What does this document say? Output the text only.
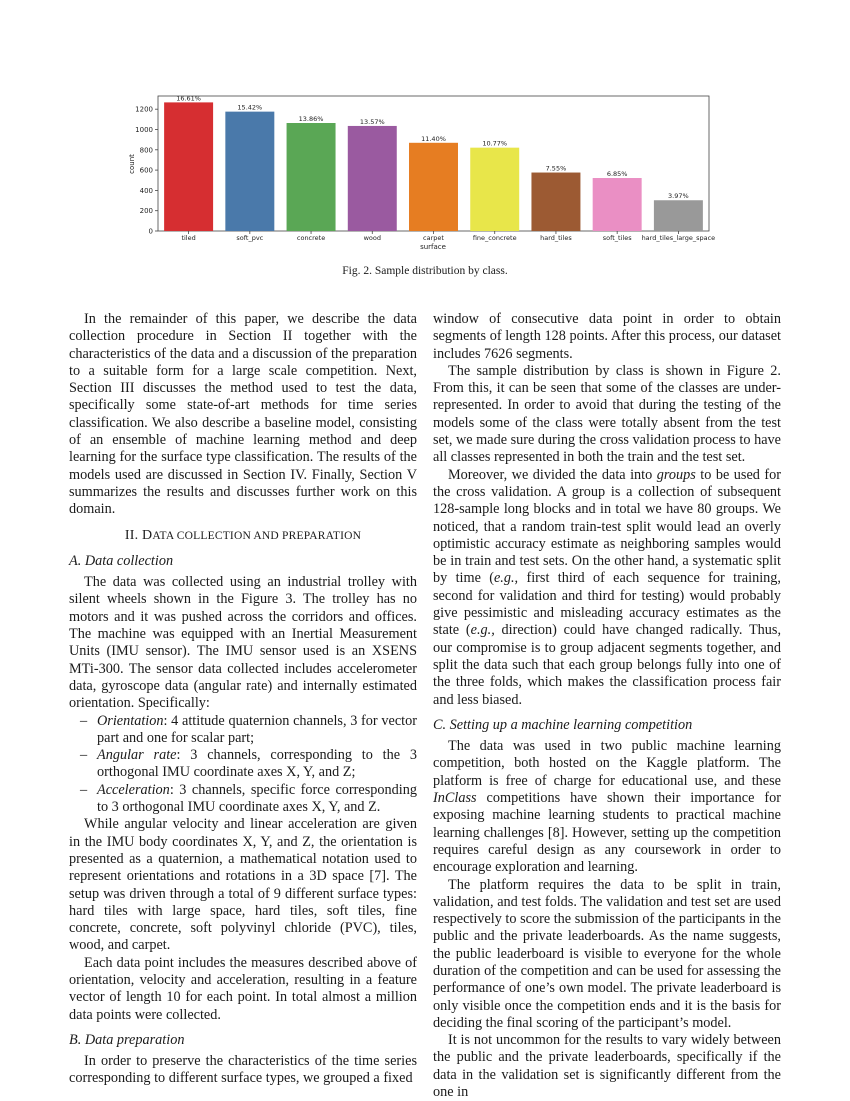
0
200
400
600
800
1000
1200
16.61%
15.42%
13.86%	13.57%
11.40%
10.77%
7.55%
6.85%
3.97%
tiled	soft_pvc	concrete	wood	carpet	fine_concrete	hard_tiles	soft_tiles hard_tiles_large_space
surface
count
Fig. 2. Sample distribution by class.

In the remainder of this paper, we describe the data collection procedure in Section II together with the characteristics of the data and a discussion of the preparation to a suitable form for a large scale competition. Next, Section III discusses the method used to test the data, specifically some state-of-art methods for time series classification. We also describe a baseline model, consisting of an ensemble of machine learning method and deep learning for the surface type classification. The results of the models used are discussed in Section IV. Finally, Section V summarizes the results and discusses further work on this domain.

II. DATA COLLECTION AND PREPARATION
A. Data collection

The data was collected using an industrial trolley with silent wheels shown in the Figure 3. The trolley has no motors and it was pushed across the corridors and offices. The machine was equipped with an Inertial Measurement Units (IMU sensor). The IMU sensor used is an XSENS MTi-300. The sensor data collected includes accelerometer data, gyroscope data (angular rate) and internally estimated orientation. Specifically:

– Orientation: 4 attitude quaternion channels, 3 for vector part and one for scalar part;
– Angular rate: 3 channels, corresponding to the 3 orthogonal IMU coordinate axes X, Y, and Z;
– Acceleration: 3 channels, specific force corresponding to 3 orthogonal IMU coordinate axes X, Y, and Z.

While angular velocity and linear acceleration are given in the IMU body coordinates X, Y, and Z, the orientation is presented as a quaternion, a mathematical notation used to represent orientations and rotations in a 3D space [7]. The setup was driven through a total of 9 different surface types: hard tiles with large space, hard tiles, soft tiles, fine concrete, concrete, soft polyvinyl chloride (PVC), tiles, wood, and carpet.

Each data point includes the measures described above of orientation, velocity and acceleration, resulting in a feature vector of length 10 for each point. In total almost a million data points were collected.

B. Data preparation

In order to preserve the characteristics of the time series corresponding to different surface types, we grouped a fixed

window of consecutive data point in order to obtain segments of length 128 points. After this process, our dataset includes 7626 segments.

The sample distribution by class is shown in Figure 2. From this, it can be seen that some of the classes are under-represented. In order to avoid that during the testing of the models some of the class were totally absent from the test set, we made sure during the cross validation process to have all classes represented in both the train and the test set.

Moreover, we divided the data into groups to be used for the cross validation. A group is a collection of subsequent 128-sample long blocks and in total we have 80 groups. We noticed, that a random train-test split would lead an overly optimistic accuracy estimate as neighboring samples would be in train and test sets. On the other hand, a systematic split by time (e.g., first third of each sequence for training, second for validation and third for testing) would probably give pessimistic and misleading accuracy estimates as the state (e.g., direction) could have changed radically. Thus, our compromise is to group adjacent segments together, and split the data such that each group belongs fully into one of the three folds, which makes the classification process fair and less biased.

C. Setting up a machine learning competition

The data was used in two public machine learning competition, both hosted on the Kaggle platform. The platform is free of charge for educational use, and these InClass competitions have shown their importance for exposing machine learning students to practical machine learning challenges [8]. However, setting up the competition requires careful design as any coursework in order to encourage exploration and learning.

The platform requires the data to be split in train, validation, and test folds. The validation and test set are used respectively to score the submission of the participants in the public and the private leaderboards. As the name suggests, the public leaderboard is visible to everyone for the whole duration of the competition and can be used for assessing the performance of one’s own model. The private leaderboard is only visible once the competition ends and it is the basis for deciding the final scoring of the participant’s model.

It is not uncommon for the results to vary widely between the public and the private leaderboards, specifically if the data in the validation set is significantly different from the one in
